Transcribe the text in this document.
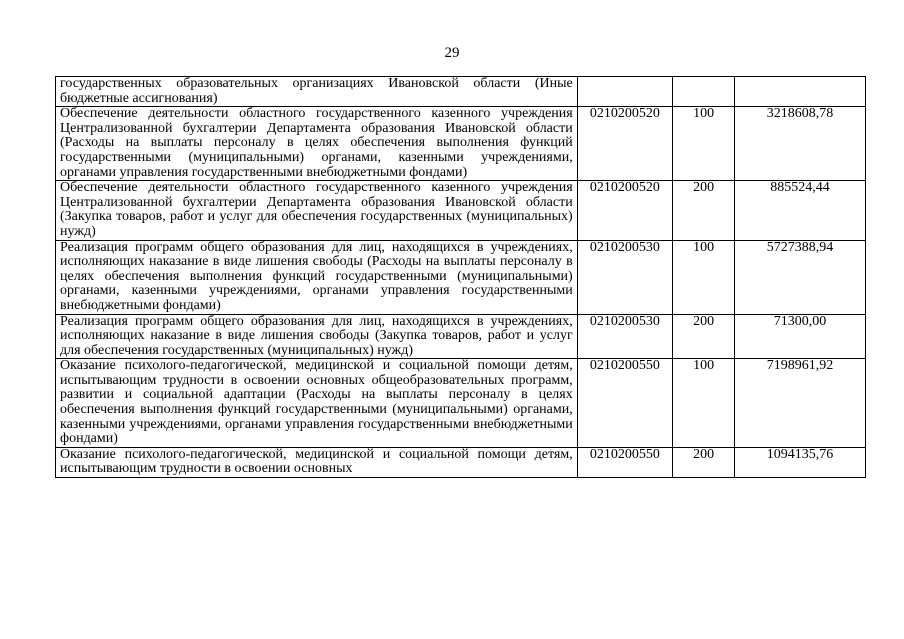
29
государственных образовательных организациях Ивановской области (Иные бюджетные ассигнования)			
Обеспечение деятельности областного государственного казенного учреждения Централизованной бухгалтерии Департамента образования Ивановской области (Расходы на выплаты персоналу в целях обеспечения выполнения функций государственными (муниципальными) органами, казенными учреждениями, органами управления государственными внебюджетными фондами)	0210200520	100	3218608,78
Обеспечение деятельности областного государственного казенного учреждения Централизованной бухгалтерии Департамента образования Ивановской области (Закупка товаров, работ и услуг для обеспечения государственных (муниципальных) нужд)	0210200520	200	885524,44
Реализация программ общего образования для лиц, находящихся в учреждениях, исполняющих наказание в виде лишения свободы (Расходы на выплаты персоналу в целях обеспечения выполнения функций государственными (муниципальными) органами, казенными учреждениями, органами управления государственными внебюджетными фондами)	0210200530	100	5727388,94
Реализация программ общего образования для лиц, находящихся в учреждениях, исполняющих наказание в виде лишения свободы (Закупка товаров, работ и услуг для обеспечения государственных (муниципальных) нужд)	0210200530	200	71300,00
Оказание психолого-педагогической, медицинской и социальной помощи детям, испытывающим трудности в освоении основных общеобразовательных программ, развитии и социальной адаптации (Расходы на выплаты персоналу в целях обеспечения выполнения функций государственными (муниципальными) органами, казенными учреждениями, органами управления государственными внебюджетными фондами)	0210200550	100	7198961,92

Оказание психолого-педагогической, медицинской и социальной помощи детям, испытывающим трудности в освоении основных	0210200550	200	1094135,76
